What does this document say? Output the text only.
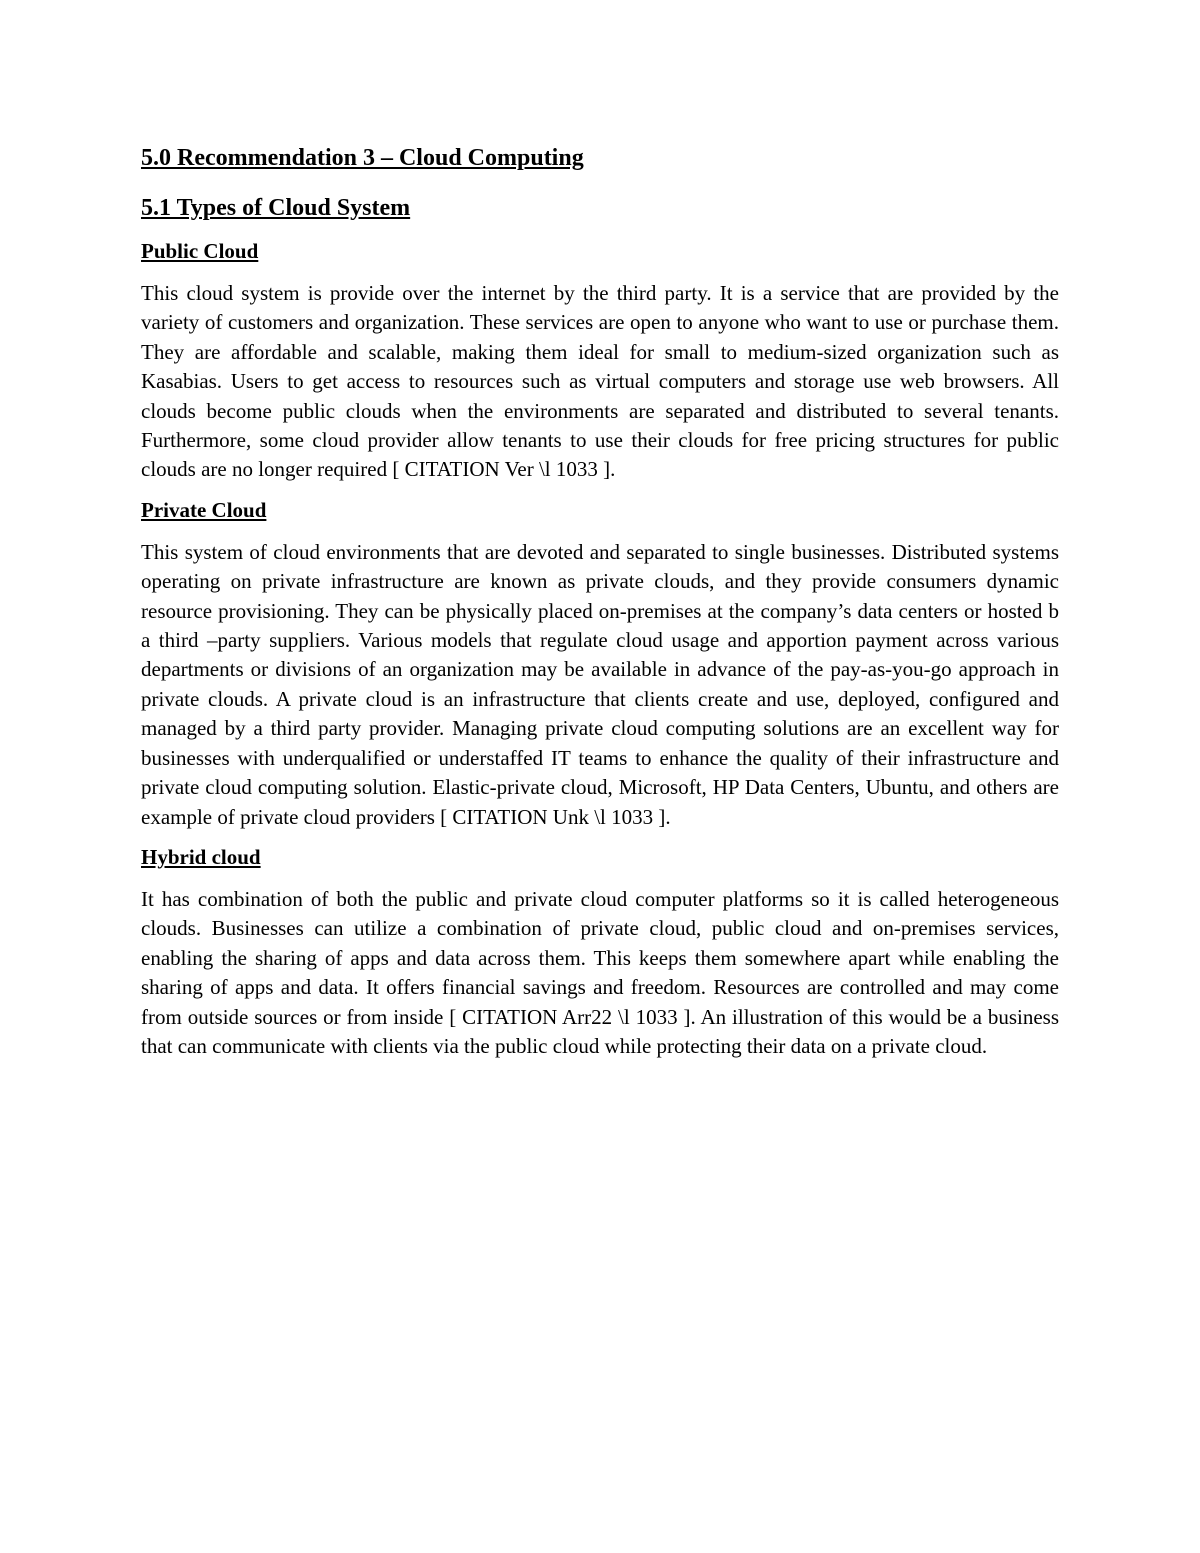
5.0 Recommendation 3 – Cloud Computing
5.1 Types of Cloud System
Public Cloud

This cloud system is provide over the internet by the third party. It is a service that are provided by the variety of customers and organization. These services are open to anyone who want to use or purchase them. They are affordable and scalable, making them ideal for small to medium-sized organization such as Kasabias. Users to get access to resources such as virtual computers and storage use web browsers. All clouds become public clouds when the environments are separated and distributed to several tenants. Furthermore, some cloud provider allow tenants to use their clouds for free pricing structures for public clouds are no longer required [ CITATION Ver \l 1033 ].

Private Cloud

This system of cloud environments that are devoted and separated to single businesses. Distributed systems operating on private infrastructure are known as private clouds, and they provide consumers dynamic resource provisioning. They can be physically placed on-premises at the company’s data centers or hosted b a third –party suppliers. Various models that regulate cloud usage and apportion payment across various departments or divisions of an organization may be available in advance of the pay-as-you-go approach in private clouds. A private cloud is an infrastructure that clients create and use, deployed, configured and managed by a third party provider. Managing private cloud computing solutions are an excellent way for businesses with underqualified or understaffed IT teams to enhance the quality of their infrastructure and private cloud computing solution. Elastic-private cloud, Microsoft, HP Data Centers, Ubuntu, and others are example of private cloud providers [ CITATION Unk \l 1033 ].

Hybrid cloud

It has combination of both the public and private cloud computer platforms so it is called heterogeneous clouds. Businesses can utilize a combination of private cloud, public cloud and on-premises services, enabling the sharing of apps and data across them. This keeps them somewhere apart while enabling the sharing of apps and data. It offers financial savings and freedom. Resources are controlled and may come from outside sources or from inside [ CITATION Arr22 \l 1033 ]. An illustration of this would be a business that can communicate with clients via the public cloud while protecting their data on a private cloud.
